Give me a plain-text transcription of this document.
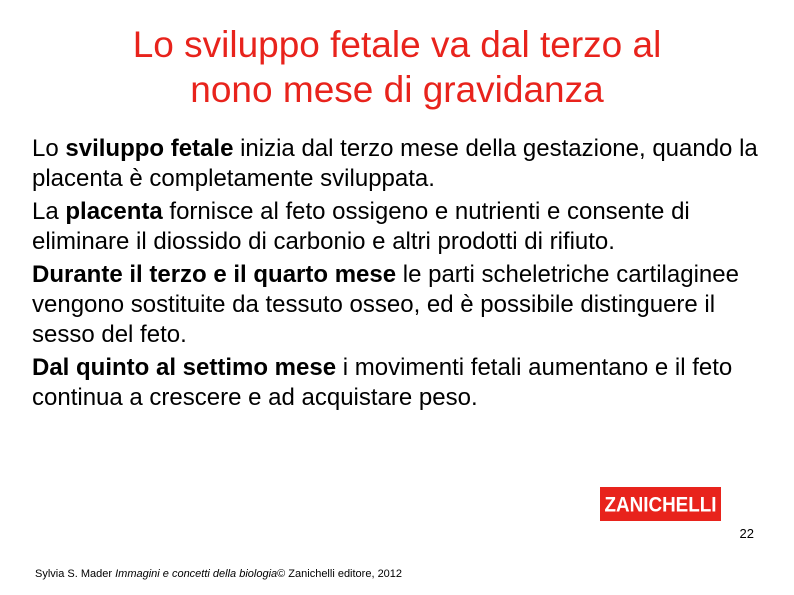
Lo sviluppo fetale va dal terzo al
nono mese di gravidanza

Lo sviluppo fetale inizia dal terzo mese della gestazione, quando la placenta è completamente sviluppata.

La placenta fornisce al feto ossigeno e nutrienti e consente di eliminare il diossido di carbonio e altri prodotti di rifiuto.

Durante il terzo e il quarto mese le parti scheletriche cartilaginee vengono sostituite da tessuto osseo, ed è possibile distinguere il sesso del feto.

Dal quinto al settimo mese i movimenti fetali aumentano e il feto continua a crescere e ad acquistare peso.

ZANICHELLI
22
Sylvia S. Mader Immagini e concetti della biologia© Zanichelli editore, 2012
